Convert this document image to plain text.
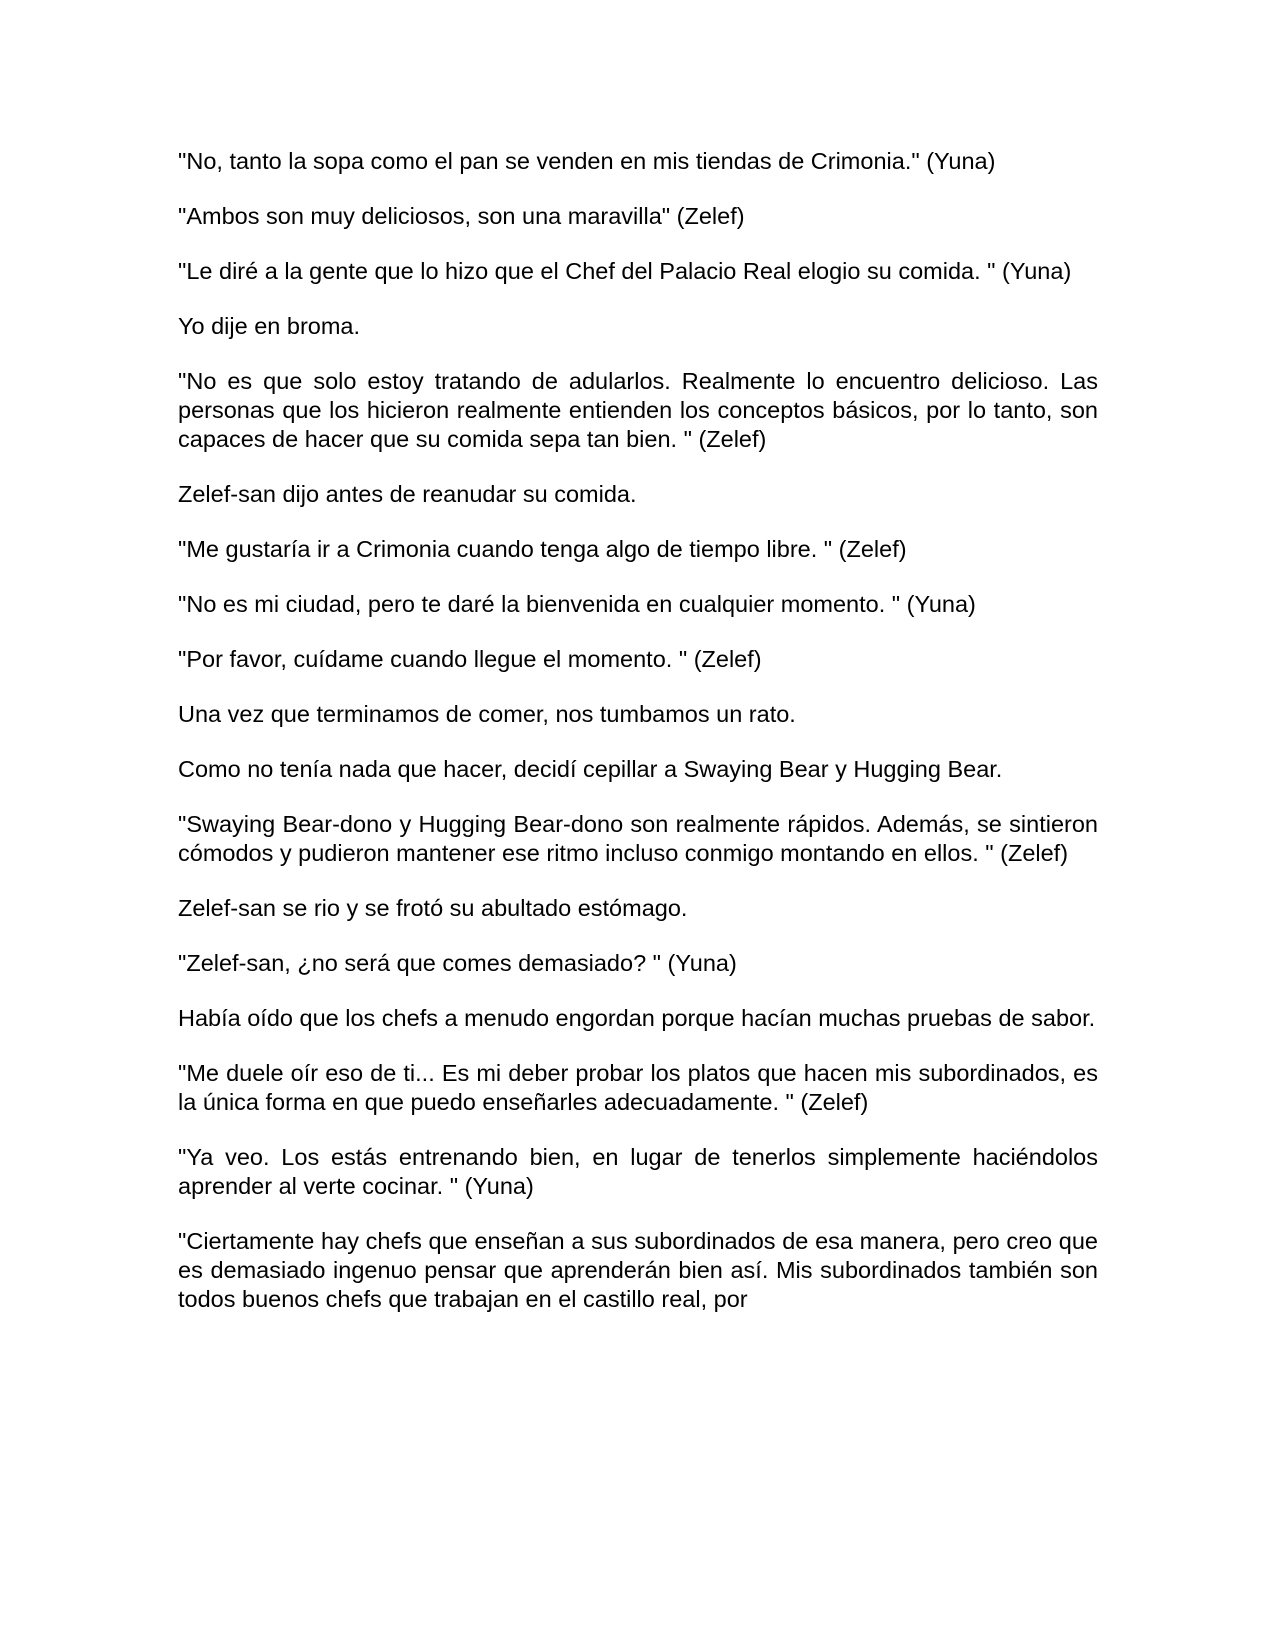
"No, tanto la sopa como el pan se venden en mis tiendas de Crimonia." (Yuna)

"Ambos son muy deliciosos, son una maravilla" (Zelef)

"Le diré a la gente que lo hizo que el Chef del Palacio Real elogio su comida. " (Yuna)

Yo dije en broma.

"No es que solo estoy tratando de adularlos. Realmente lo encuentro delicioso. Las personas que los hicieron realmente entienden los conceptos básicos, por lo tanto, son capaces de hacer que su comida sepa tan bien. " (Zelef)

Zelef-san dijo antes de reanudar su comida.

"Me gustaría ir a Crimonia cuando tenga algo de tiempo libre. " (Zelef)

"No es mi ciudad, pero te daré la bienvenida en cualquier momento. " (Yuna)

"Por favor, cuídame cuando llegue el momento. " (Zelef)

Una vez que terminamos de comer, nos tumbamos un rato.

Como no tenía nada que hacer, decidí cepillar a Swaying Bear y Hugging Bear.

"Swaying Bear-dono y Hugging Bear-dono son realmente rápidos. Además, se sintieron cómodos y pudieron mantener ese ritmo incluso conmigo montando en ellos. " (Zelef)

Zelef-san se rio y se frotó su abultado estómago.

"Zelef-san, ¿no será que comes demasiado? " (Yuna)

Había oído que los chefs a menudo engordan porque hacían muchas pruebas de sabor.

"Me duele oír eso de ti... Es mi deber probar los platos que hacen mis subordinados, es la única forma en que puedo enseñarles adecuadamente. " (Zelef)

"Ya veo. Los estás entrenando bien, en lugar de tenerlos simplemente haciéndolos aprender al verte cocinar. " (Yuna)

"Ciertamente hay chefs que enseñan a sus subordinados de esa manera, pero creo que es demasiado ingenuo pensar que aprenderán bien así. Mis subordinados también son todos buenos chefs que trabajan en el castillo real, por
